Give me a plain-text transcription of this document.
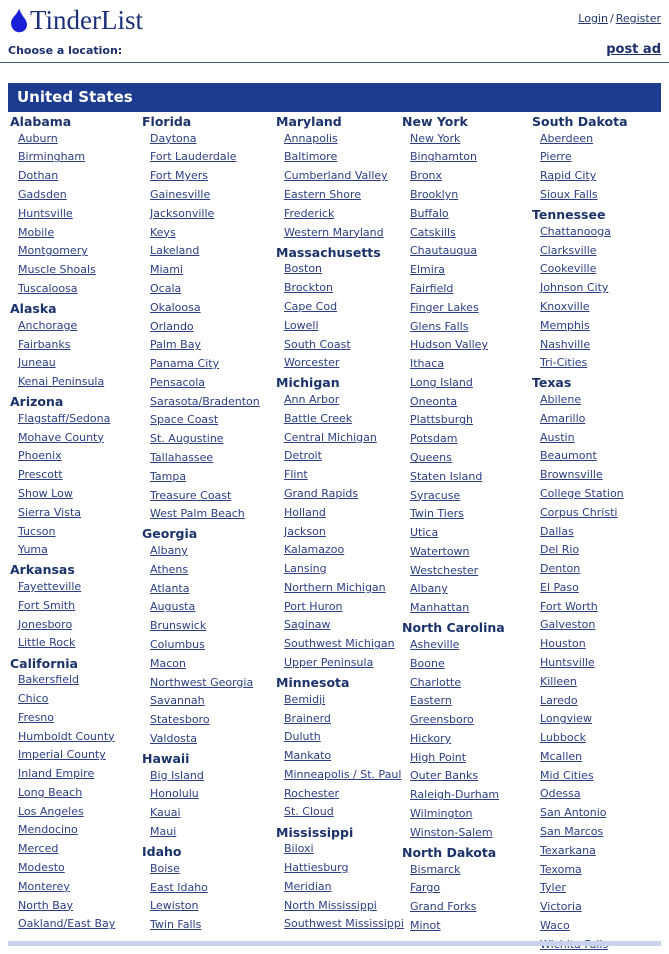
TinderList	Login / Register
Choose a location:	post ad
United States
Alabama
Auburn
Birmingham
Dothan
Gadsden
Huntsville
Mobile
Montgomery
Muscle Shoals
Tuscaloosa
Alaska
Anchorage
Fairbanks
Juneau
Kenai Peninsula
Arizona
Flagstaff/Sedona
Mohave County
Phoenix
Prescott
Show Low
Sierra Vista
Tucson
Yuma
Arkansas
Fayetteville
Fort Smith
Jonesboro
Little Rock
California
Bakersfield
Chico
Fresno
Humboldt County
Imperial County
Inland Empire
Long Beach
Los Angeles
Mendocino
Merced
Modesto
Monterey
North Bay
Oakland/East Bay
Florida
Daytona
Fort Lauderdale
Fort Myers
Gainesville
Jacksonville
Keys
Lakeland
Miami
Ocala
Okaloosa
Orlando
Palm Bay
Panama City
Pensacola
Sarasota/Bradenton
Space Coast
St. Augustine
Tallahassee
Tampa
Treasure Coast
West Palm Beach
Georgia
Albany
Athens
Atlanta
Augusta
Brunswick
Columbus
Macon
Northwest Georgia
Savannah
Statesboro
Valdosta
Hawaii
Big Island
Honolulu
Kauai
Maui
Idaho
Boise
East Idaho
Lewiston
Twin Falls
Maryland
Annapolis
Baltimore
Cumberland Valley
Eastern Shore
Frederick
Western Maryland
Massachusetts
Boston
Brockton
Cape Cod
Lowell
South Coast
Worcester
Michigan
Ann Arbor
Battle Creek
Central Michigan
Detroit
Flint
Grand Rapids
Holland
Jackson
Kalamazoo
Lansing
Northern Michigan
Port Huron
Saginaw
Southwest Michigan
Upper Peninsula
Minnesota
Bemidji
Brainerd
Duluth
Mankato
Minneapolis / St. Paul
Rochester
St. Cloud
Mississippi
Biloxi
Hattiesburg
Meridian
North Mississippi
Southwest Mississippi
New York
New York
Binghamton
Bronx
Brooklyn
Buffalo
Catskills
Chautauqua
Elmira
Fairfield
Finger Lakes
Glens Falls
Hudson Valley
Ithaca
Long Island
Oneonta
Plattsburgh
Potsdam
Queens
Staten Island
Syracuse
Twin Tiers
Utica
Watertown
Westchester
Albany
Manhattan
North Carolina
Asheville
Boone
Charlotte
Eastern
Greensboro
Hickory
High Point
Outer Banks
Raleigh-Durham
Wilmington
Winston-Salem
North Dakota
Bismarck
Fargo
Grand Forks
Minot
South Dakota
Aberdeen
Pierre
Rapid City
Sioux Falls
Tennessee
Chattanooga
Clarksville
Cookeville
Johnson City
Knoxville
Memphis
Nashville
Tri-Cities
Texas
Abilene
Amarillo
Austin
Beaumont
Brownsville
College Station
Corpus Christi
Dallas
Del Rio
Denton
El Paso
Fort Worth
Galveston
Houston
Huntsville
Killeen
Laredo
Longview
Lubbock
Mcallen
Mid Cities
Odessa
San Antonio
San Marcos
Texarkana
Texoma
Tyler
Victoria
Waco
